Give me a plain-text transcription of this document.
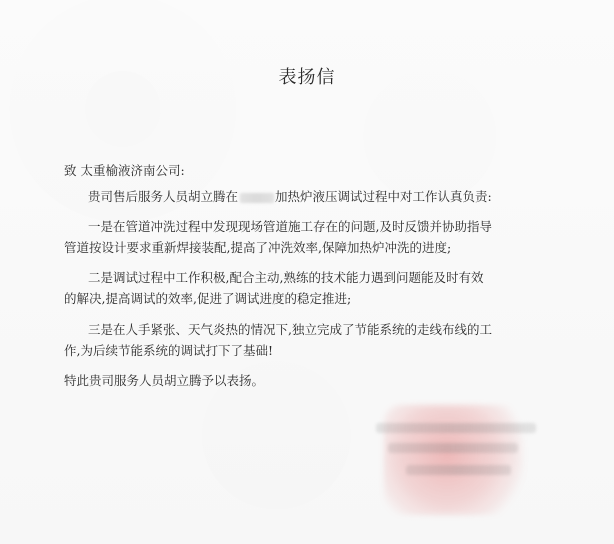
表扬信
致 太重榆液济南公司:
贵司售后服务人员胡立腾在	加热炉液压调试过程中对工作认真负责:
一是在管道冲洗过程中发现现场管道施工存在的问题,及时反馈并协助指导
管道按设计要求重新焊接装配,提高了冲洗效率,保障加热炉冲洗的进度;
二是调试过程中工作积极,配合主动,熟练的技术能力遇到问题能及时有效
的解决,提高调试的效率,促进了调试进度的稳定推进;
三是在人手紧张、天气炎热的情况下,独立完成了节能系统的走线布线的工
作,为后续节能系统的调试打下了基础!
特此贵司服务人员胡立腾予以表扬。
